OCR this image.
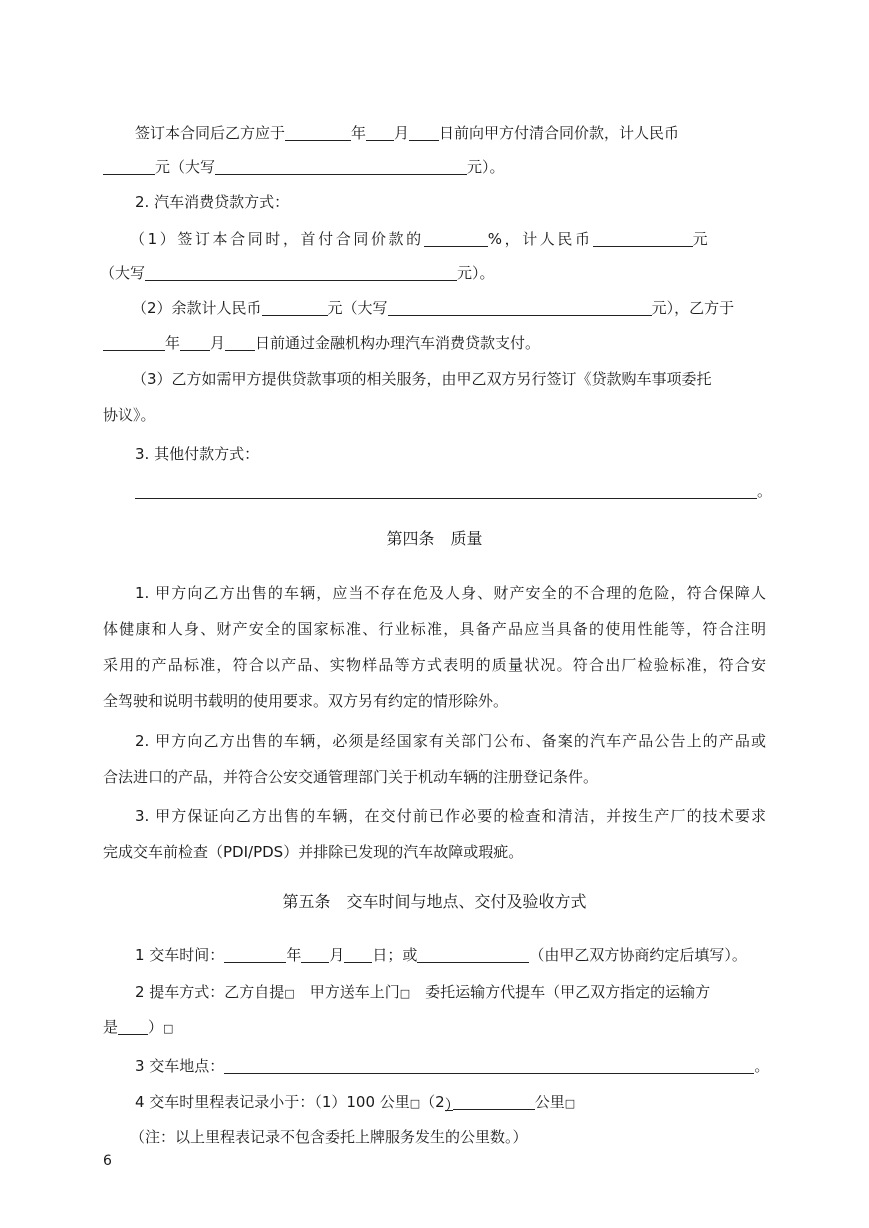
签订本合同后乙方应于	年 月 日前向甲方付清合同价款，计人民币
元（大写	元）。
2. 汽车消费贷款方式：
（1）签订本合同时，首付合同价款的	%，计人民币	元
（大写	元）。
（2）余款计人民币	元（大写	元），乙方于
年 月 日前通过金融机构办理汽车消费贷款支付。
（3）乙方如需甲方提供贷款事项的相关服务，由甲乙双方另行签订《贷款购车事项委托
协议》。
3. 其他付款方式：
。
第四条　质量
1. 甲方向乙方出售的车辆，应当不存在危及人身、财产安全的不合理的危险，符合保障人
体健康和人身、财产安全的国家标准、行业标准，具备产品应当具备的使用性能等，符合注明
采用的产品标准，符合以产品、实物样品等方式表明的质量状况。符合出厂检验标准，符合安
全驾驶和说明书载明的使用要求。双方另有约定的情形除外。
2. 甲方向乙方出售的车辆，必须是经国家有关部门公布、备案的汽车产品公告上的产品或
合法进口的产品，并符合公安交通管理部门关于机动车辆的注册登记条件。
3. 甲方保证向乙方出售的车辆，在交付前已作必要的检查和清洁，并按生产厂的技术要求
完成交车前检查（PDI/PDS）并排除已发现的汽车故障或瑕疵。
第五条　交车时间与地点、交付及验收方式
1 交车时间：	年 月 日；或	（由甲乙双方协商约定后填写）。
2 提车方式：乙方自提□　甲方送车上门□　委托运输方代提车（甲乙双方指定的运输方
是 ）□
3 交车地点：	。
4 交车时里程表记录小于：（1）100 公里□（2）	公里□
（注：以上里程表记录不包含委托上牌服务发生的公里数。）
6
